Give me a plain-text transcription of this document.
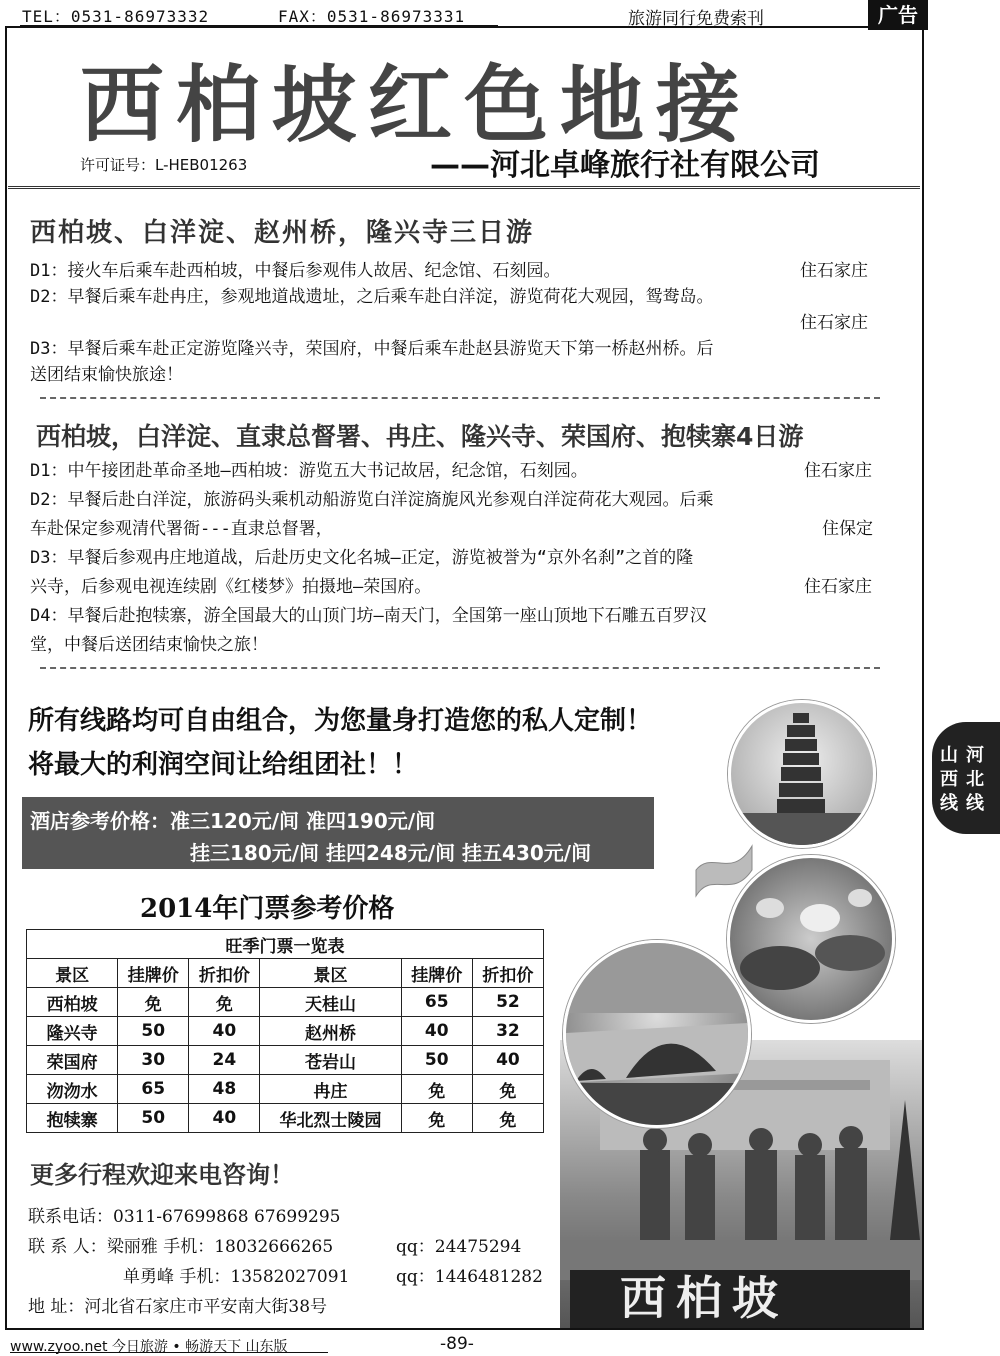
TEL：0531-86973332	FAX：0531-86973331	旅游同行免费索刊	广告
西柏坡红色地接
——河北卓峰旅行社有限公司
许可证号：L-HEB01263
西柏坡、白洋淀、赵州桥，隆兴寺三日游
D1：接火车后乘车赴西柏坡，中餐后参观伟人故居、纪念馆、石刻园。	住石家庄
D2：早餐后乘车赴冉庄，参观地道战遗址，之后乘车赴白洋淀，游览荷花大观园，鸳鸯岛。
住石家庄
D3：早餐后乘车赴正定游览隆兴寺，荣国府，中餐后乘车赴赵县游览天下第一桥赵州桥。后
送团结束愉快旅途！
西柏坡，白洋淀、直隶总督署、冉庄、隆兴寺、荣国府、抱犊寨4日游
D1：中午接团赴革命圣地—西柏坡：游览五大书记故居，纪念馆，石刻园。	住石家庄
D2：早餐后赴白洋淀，旅游码头乘机动船游览白洋淀旖旎风光参观白洋淀荷花大观园。后乘
车赴保定参观清代署衙---直隶总督署，	住保定
D3：早餐后参观冉庄地道战，后赴历史文化名城—正定，游览被誉为“京外名刹”之首的隆
兴寺，后参观电视连续剧《红楼梦》拍摄地—荣国府。	住石家庄
D4：早餐后赴抱犊寨，游全国最大的山顶门坊—南天门，全国第一座山顶地下石雕五百罗汉
堂，中餐后送团结束愉快之旅！
所有线路均可自由组合，为您量身打造您的私人定制！
将最大的利润空间让给组团社！！
酒店参考价格：准三120元/间 准四190元/间
挂三180元/间 挂四248元/间 挂五430元/间
2014年门票参考价格
旺季门票一览表					
景区	挂牌价	折扣价	景区	挂牌价	折扣价
西柏坡	免	免	天桂山	65	52
隆兴寺	50	40	赵州桥	40	32
荣国府	30	24	苍岩山	50	40
沕沕水	65	48	冉庄	免	免
抱犊寨	50	40	华北烈士陵园	免	免
西柏坡
更多行程欢迎来电咨询！
联系电话：0311-67699868 67699295
联 系 人：梁丽雅 手机：18032666265	qq：24475294
单勇峰 手机：13582027091	qq：1446481282
地 址：河北省石家庄市平安南大街38号
河
北
线
山
西
线
www.zyoo.net 今日旅游 • 畅游天下 山东版	-89-
